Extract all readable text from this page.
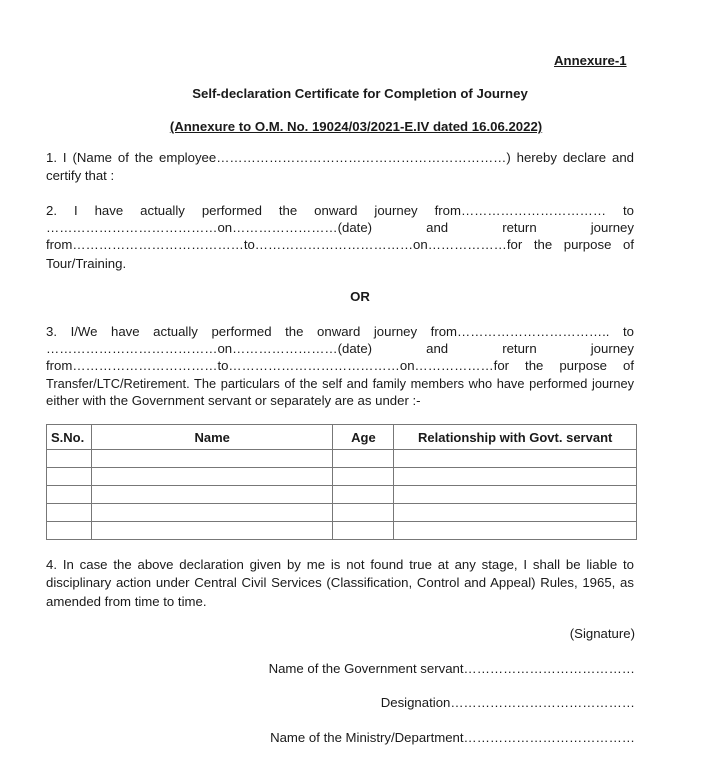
Annexure-1
Self-declaration Certificate for Completion of Journey
(Annexure to O.M. No. 19024/03/2021-E.IV dated 16.06.2022)
1. I (Name of the employee…………………………………………………………) hereby declare and
certify that :
2. I have actually performed the onward journey from…………………………… to
…………………………………on……………………(date) and return journey
from…………………………………to………………………………on………………for the purpose of
Tour/Training.
OR
3. I/We have actually performed the onward journey from…………………………….. to
…………………………………on……………………(date) and return journey
from……………………………to…………………………………on………………for the purpose of
Transfer/LTC/Retirement. The particulars of the self and family members who have performed journey
either with the Government servant or separately are as under :-
S.No.	Name	Age	Relationship with Govt. servant

4. In case the above declaration given by me is not found true at any stage, I shall be liable to
disciplinary action under Central Civil Services (Classification, Control and Appeal) Rules, 1965, as
amended from time to time.
(Signature)
Name of the Government servant…………………………………
Designation……………………………………
Name of the Ministry/Department…………………………………
